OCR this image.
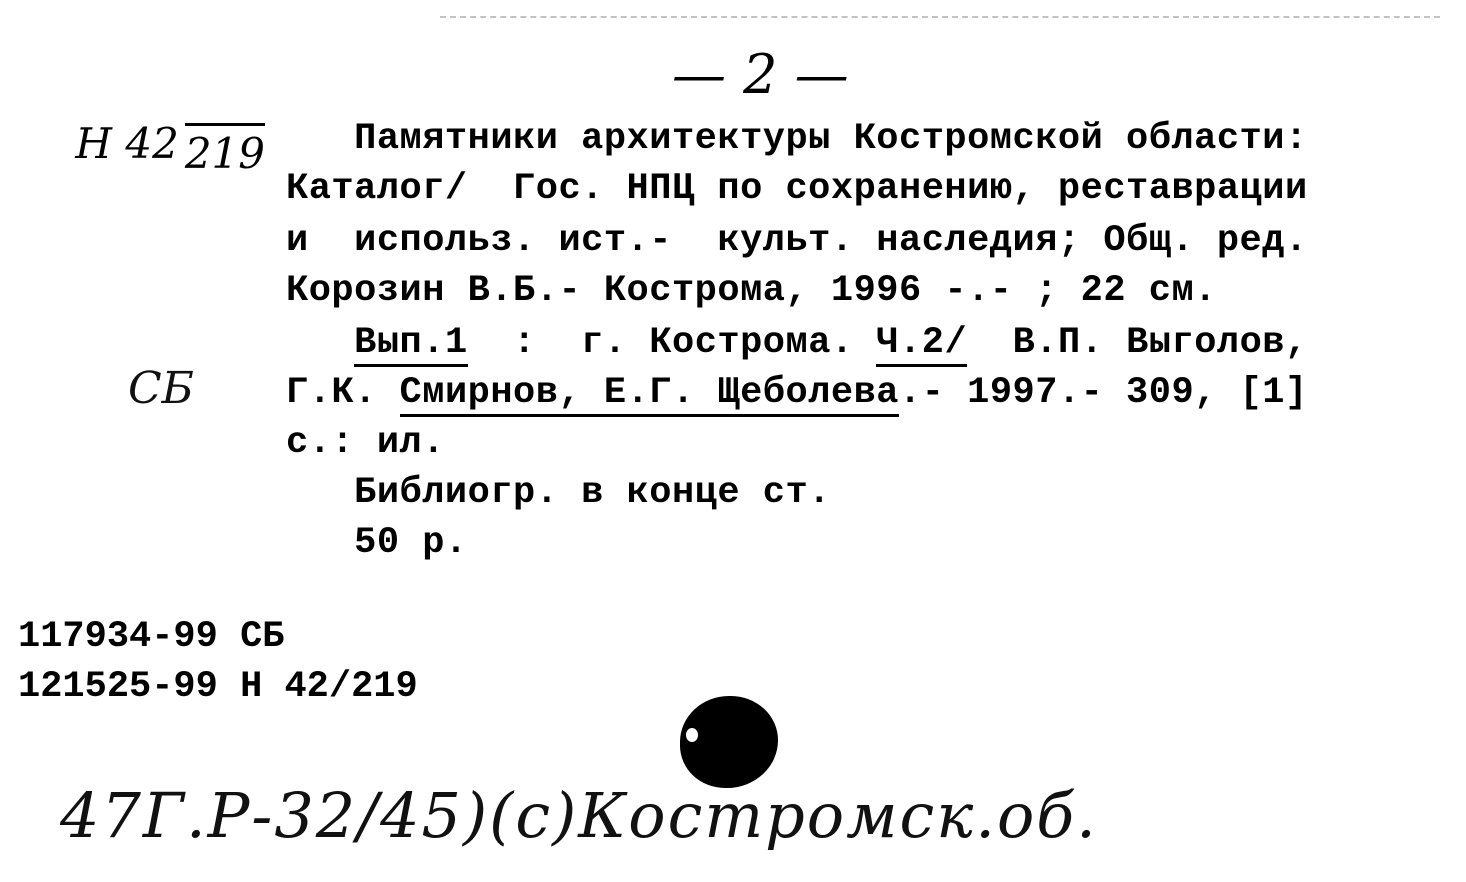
— 2 —

Н 42 219

СБ
Памятники архитектуры Костромской области:
Каталог/  Гос. НПЦ по сохранению, реставрации
и  использ. ист.-  культ. наследия; Общ. ред.
Корозин В.Б.- Кострома, 1996 -.- ; 22 см.
Вып.1  :  г. Кострома. Ч.2/  В.П. Выголов,
Г.К. Смирнов, Е.Г. Щеболева.- 1997.- 309, [1]
с.: ил.
Библиогр. в конце ст.
50 р.
117934-99 СБ
121525-99 Н 42/219
47Г.Р-32/45)(с)Костромск.об.
